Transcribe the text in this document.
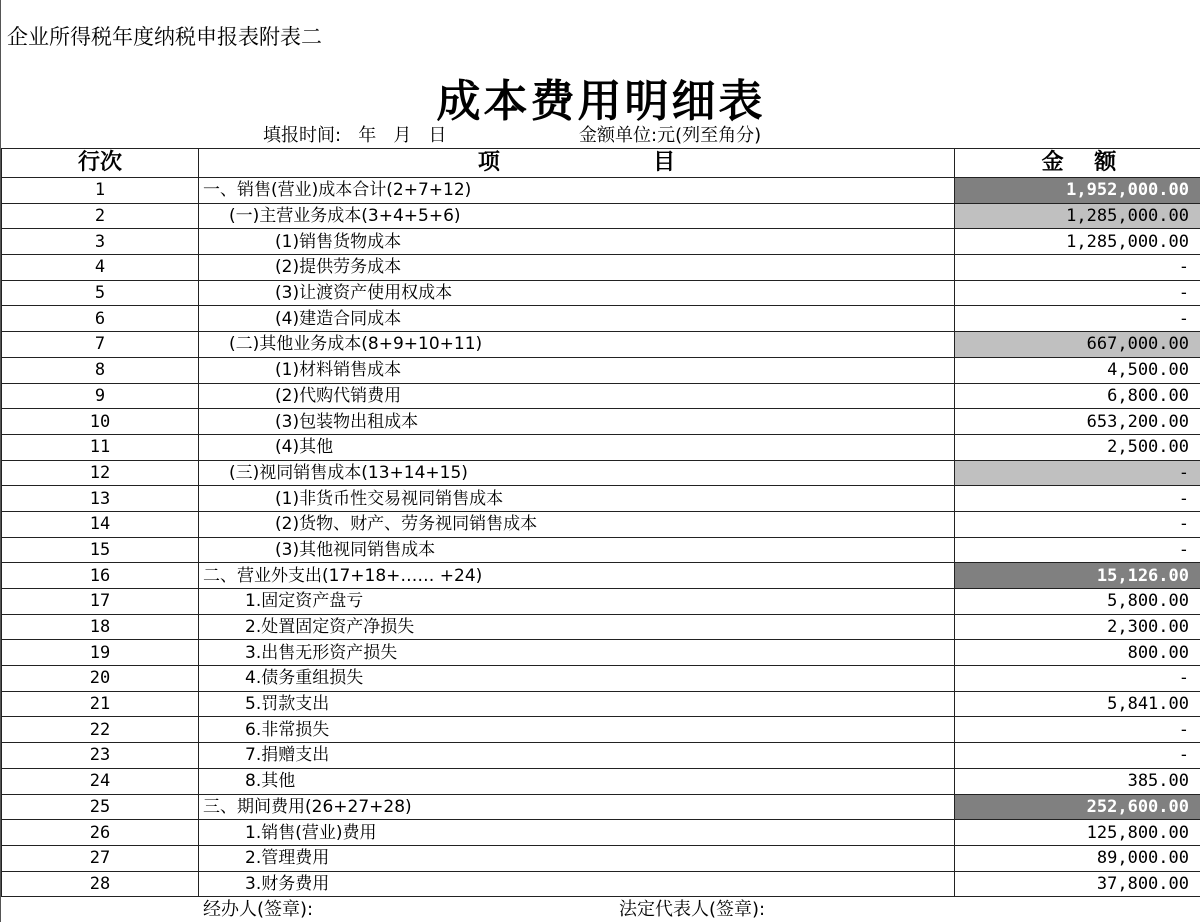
企业所得税年度纳税申报表附表二
成本费用明细表
填报时间:   年   月   日	金额单位:元(列至角分)
行次	项                    目	金    额
1	一、销售(营业)成本合计(2+7+12)	1,952,000.00
2	(一)主营业务成本(3+4+5+6)	1,285,000.00
3	(1)销售货物成本	1,285,000.00
4	(2)提供劳务成本	-
5	(3)让渡资产使用权成本	-
6	(4)建造合同成本	-
7	(二)其他业务成本(8+9+10+11)	667,000.00
8	(1)材料销售成本	4,500.00
9	(2)代购代销费用	6,800.00
10	(3)包装物出租成本	653,200.00
11	(4)其他	2,500.00
12	(三)视同销售成本(13+14+15)	-
13	(1)非货币性交易视同销售成本	-
14	(2)货物、财产、劳务视同销售成本	-
15	(3)其他视同销售成本	-
16	二、营业外支出(17+18+…… +24)	15,126.00
17	1.固定资产盘亏	5,800.00
18	2.处置固定资产净损失	2,300.00
19	3.出售无形资产损失	800.00
20	4.债务重组损失	-
21	5.罚款支出	5,841.00
22	6.非常损失	-
23	7.捐赠支出	-
24	8.其他	385.00
25	三、期间费用(26+27+28)	252,600.00
26	1.销售(营业)费用	125,800.00
27	2.管理费用	89,000.00
28	3.财务费用	37,800.00
经办人(签章):	法定代表人(签章):
